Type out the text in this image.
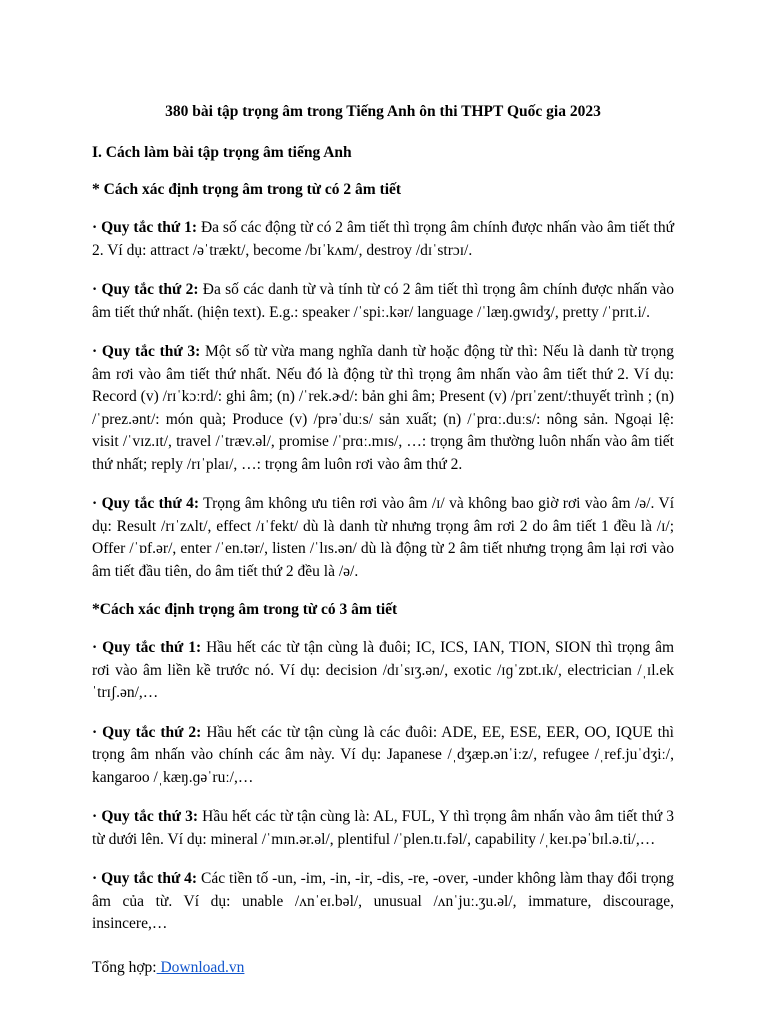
380 bài tập trọng âm trong Tiếng Anh ôn thi THPT Quốc gia 2023
I. Cách làm bài tập trọng âm tiếng Anh
* Cách xác định trọng âm trong từ có 2 âm tiết
· Quy tắc thứ 1: Đa số các động từ có 2 âm tiết thì trọng âm chính được nhấn vào âm tiết thứ 2. Ví dụ: attract /əˈtrækt/, become /bɪˈkʌm/, destroy /dɪˈstrɔɪ/.
· Quy tắc thứ 2: Đa số các danh từ và tính từ có 2 âm tiết thì trọng âm chính được nhấn vào âm tiết thứ nhất. (hiện text). E.g.: speaker /ˈspiː.kər/ language /ˈlæŋ.ɡwɪdʒ/, pretty /ˈprɪt.i/.
· Quy tắc thứ 3: Một số từ vừa mang nghĩa danh từ hoặc động từ thì: Nếu là danh từ trọng âm rơi vào âm tiết thứ nhất. Nếu đó là động từ thì trọng âm nhấn vào âm tiết thứ 2. Ví dụ: Record (v) /rɪˈkɔːrd/: ghi âm; (n) /ˈrek.ɚd/: bản ghi âm; Present (v) /prɪˈzent/:thuyết trình ; (n) /ˈprez.ənt/: món quà; Produce (v) /prəˈduːs/ sản xuất; (n) /ˈprɑː.duːs/: nông sản. Ngoại lệ: visit /ˈvɪz.ɪt/, travel /ˈtræv.əl/, promise /ˈprɑː.mɪs/, …: trọng âm thường luôn nhấn vào âm tiết thứ nhất; reply /rɪˈplaɪ/, …: trọng âm luôn rơi vào âm thứ 2.
· Quy tắc thứ 4: Trọng âm không ưu tiên rơi vào âm /ɪ/ và không bao giờ rơi vào âm /ə/. Ví dụ: Result /rɪˈzʌlt/, effect /ɪˈfekt/ dù là danh từ nhưng trọng âm rơi 2 do âm tiết 1 đều là /ɪ/; Offer /ˈɒf.ər/, enter /ˈen.tər/, listen /ˈlɪs.ən/ dù là động từ 2 âm tiết nhưng trọng âm lại rơi vào âm tiết đầu tiên, do âm tiết thứ 2 đều là /ə/.
*Cách xác định trọng âm trong từ có 3 âm tiết
· Quy tắc thứ 1: Hầu hết các từ tận cùng là đuôi; IC, ICS, IAN, TION, SION thì trọng âm rơi vào âm liền kề trước nó. Ví dụ: decision /dɪˈsɪʒ.ən/, exotic /ɪɡˈzɒt.ɪk/, electrician /ˌɪl.ekˈtrɪʃ.ən/,…
· Quy tắc thứ 2: Hầu hết các từ tận cùng là các đuôi: ADE, EE, ESE, EER, OO, IQUE thì trọng âm nhấn vào chính các âm này. Ví dụ: Japanese /ˌdʒæp.ənˈiːz/, refugee /ˌref.juˈdʒiː/, kangaroo /ˌkæŋ.ɡəˈruː/,…
· Quy tắc thứ 3: Hầu hết các từ tận cùng là: AL, FUL, Y thì trọng âm nhấn vào âm tiết thứ 3 từ dưới lên. Ví dụ: mineral /ˈmɪn.ər.əl/, plentiful /ˈplen.tɪ.fəl/, capability /ˌkeɪ.pəˈbɪl.ə.ti/,…
· Quy tắc thứ 4: Các tiền tố -un, -im, -in, -ir, -dis, -re, -over, -under không làm thay đổi trọng âm của từ. Ví dụ: unable /ʌnˈeɪ.bəl/, unusual /ʌnˈjuː.ʒu.əl/, immature, discourage, insincere,…
Tổng hợp: Download.vn
